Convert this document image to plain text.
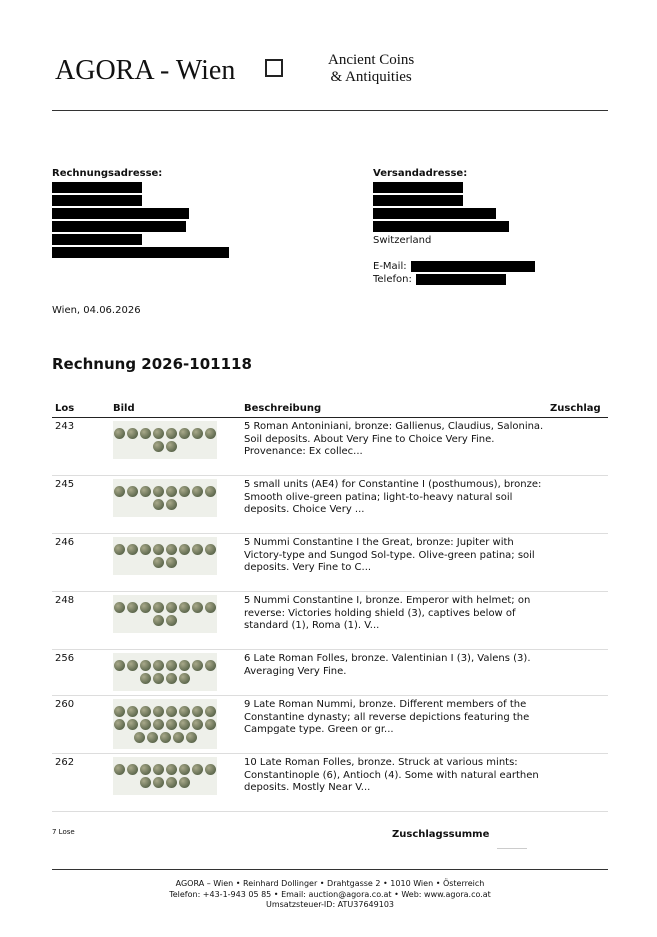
AGORA - Wien	Ancient Coins
& Antiquities
Rechnungsadresse:	Versandadresse:
Switzerland
E-Mail:
Telefon:
Wien, 04.06.2026
Rechnung 2026-101118
Los	Bild	Beschreibung	Zuschlag
243		5 Roman Antoniniani, bronze: Gallienus, Claudius, Salonina. Soil deposits. About Very Fine to Choice Very Fine. Provenance: Ex collec...	
245		5 small units (AE4) for Constantine I (posthumous), bronze: Smooth olive-green patina; light-to-heavy natural soil deposits. Choice Very ...	
246		5 Nummi Constantine I the Great, bronze: Jupiter with Victory-type and Sungod Sol-type. Olive-green patina; soil deposits. Very Fine to C...	
248		5 Nummi Constantine I, bronze. Emperor with helmet; on reverse: Victories holding shield (3), captives below of standard (1), Roma (1). V...	
256		6 Late Roman Folles, bronze. Valentinian I (3), Valens (3). Averaging Very Fine.	
260		9 Late Roman Nummi, bronze. Different members of the Constantine dynasty; all reverse depictions featuring the Campgate type. Green or gr...	
262		10 Late Roman Folles, bronze. Struck at various mints: Constantinople (6), Antioch (4). Some with natural earthen deposits. Mostly Near V...	
7 Lose	Zuschlagssumme
AGORA – Wien • Reinhard Dollinger • Drahtgasse 2 • 1010 Wien • Österreich
Telefon: +43-1-943 05 85 • Email: auction@agora.co.at • Web: www.agora.co.at
Umsatzsteuer-ID: ATU37649103
